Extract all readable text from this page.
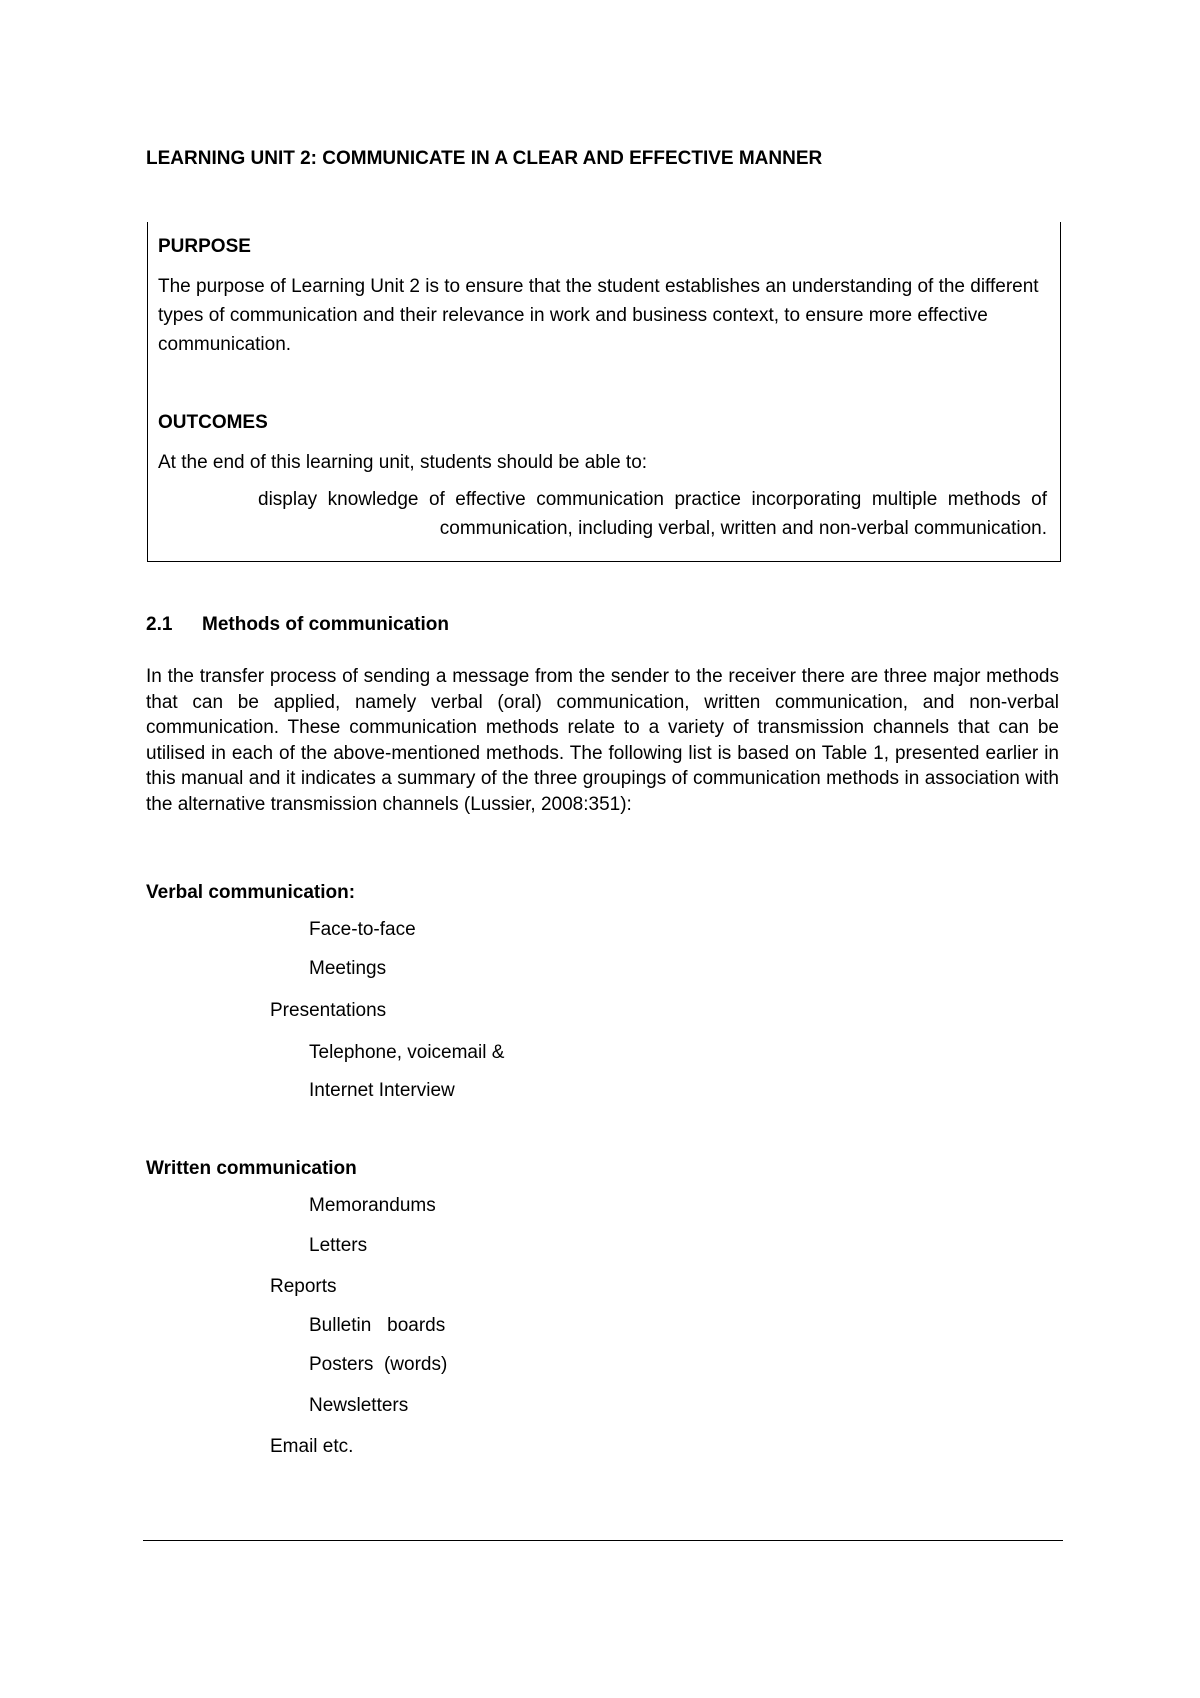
LEARNING UNIT 2: COMMUNICATE IN A CLEAR AND EFFECTIVE MANNER
PURPOSE
The purpose of Learning Unit 2 is to ensure that the student establishes an understanding of the different types of communication and their relevance in work and business context, to ensure more effective communication.
OUTCOMES
At the end of this learning unit, students should be able to:
display knowledge of effective communication practice incorporating multiple methods of communication, including verbal, written and non-verbal communication.
2.1 Methods of communication
In the transfer process of sending a message from the sender to the receiver there are three major methods that can be applied, namely verbal (oral) communication, written communication, and non-verbal communication. These communication methods relate to a variety of transmission channels that can be utilised in each of the above-mentioned methods. The following list is based on Table 1, presented earlier in this manual and it indicates a summary of the three groupings of communication methods in association with the alternative transmission channels (Lussier, 2008:351):
Verbal communication:
Face-to-face
Meetings
Presentations
Telephone, voicemail &
Internet Interview
Written communication
Memorandums
Letters
Reports
Bulletin   boards
Posters  (words)
Newsletters
Email etc.
